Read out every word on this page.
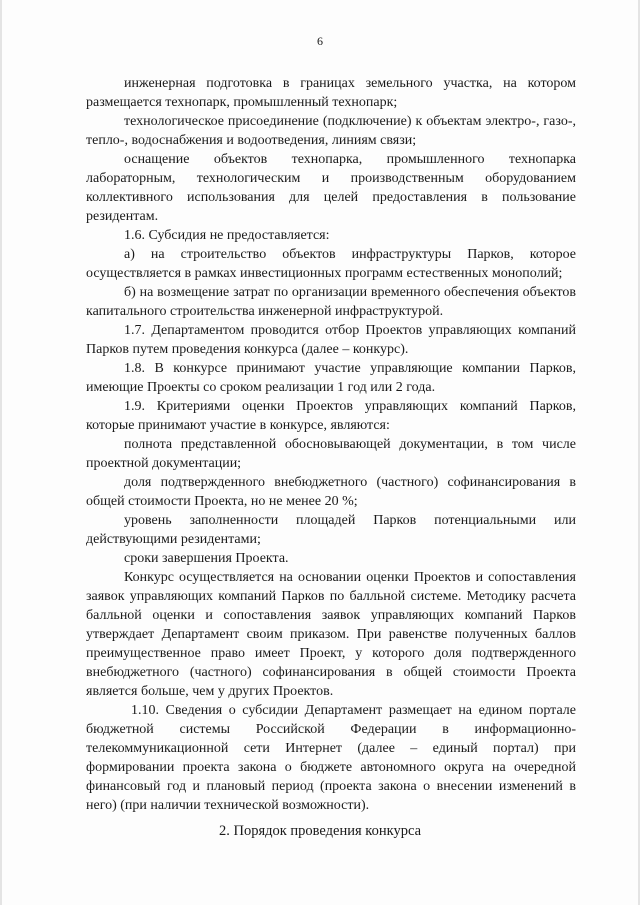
6

инженерная подготовка в границах земельного участка, на котором размещается технопарк, промышленный технопарк;

технологическое присоединение (подключение) к объектам электро-, газо-, тепло-, водоснабжения и водоотведения, линиям связи;

оснащение объектов технопарка, промышленного технопарка лабораторным, технологическим и производственным оборудованием коллективного использования для целей предоставления в пользование резидентам.

1.6. Субсидия не предоставляется:

а) на строительство объектов инфраструктуры Парков, которое осуществляется в рамках инвестиционных программ естественных монополий;

б) на возмещение затрат по организации временного обеспечения объектов капитального строительства инженерной инфраструктурой.

1.7. Департаментом проводится отбор Проектов управляющих компаний Парков путем проведения конкурса (далее – конкурс).

1.8. В конкурсе принимают участие управляющие компании Парков, имеющие Проекты со сроком реализации 1 год или 2 года.

1.9. Критериями оценки Проектов управляющих компаний Парков, которые принимают участие в конкурсе, являются:

полнота представленной обосновывающей документации, в том числе проектной документации;

доля подтвержденного внебюджетного (частного) софинансирования в общей стоимости Проекта, но не менее 20 %;

уровень заполненности площадей Парков потенциальными или действующими резидентами;

сроки завершения Проекта.

Конкурс осуществляется на основании оценки Проектов и сопоставления заявок управляющих компаний Парков по балльной системе. Методику расчета балльной оценки и сопоставления заявок управляющих компаний Парков утверждает Департамент своим приказом. При равенстве полученных баллов преимущественное право имеет Проект, у которого доля подтвержденного внебюджетного (частного) софинансирования в общей стоимости Проекта является больше, чем у других Проектов.

1.10. Сведения о субсидии Департамент размещает на едином портале бюджетной системы Российской Федерации в информационно-телекоммуникационной сети Интернет (далее – единый портал) при формировании проекта закона о бюджете автономного округа на очередной финансовый год и плановый период (проекта закона о внесении изменений в него) (при наличии технической возможности).

2. Порядок проведения конкурса
